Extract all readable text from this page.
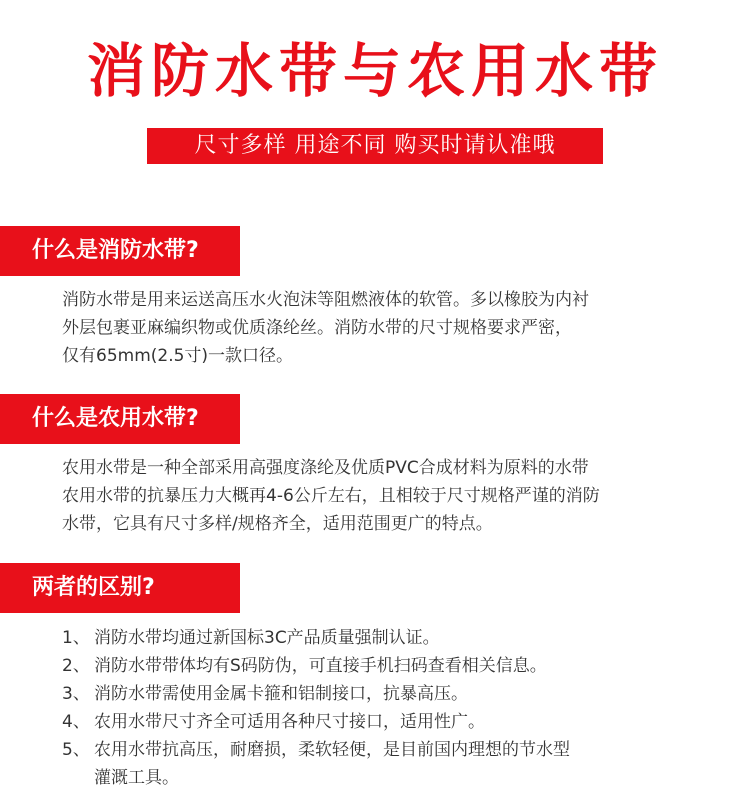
消防水带与农用水带
尺寸多样 用途不同 购买时请认准哦
什么是消防水带?
消防水带是用来运送高压水火泡沫等阻燃液体的软管。多以橡胶为内衬
外层包裹亚麻编织物或优质涤纶丝。消防水带的尺寸规格要求严密，
仅有65mm(2.5寸)一款口径。
什么是农用水带?
农用水带是一种全部采用高强度涤纶及优质PVC合成材料为原料的水带
农用水带的抗暴压力大概再4-6公斤左右，且相较于尺寸规格严谨的消防
水带，它具有尺寸多样/规格齐全，适用范围更广的特点。
两者的区别?
1、 消防水带均通过新国标3C产品质量强制认证。
2、 消防水带带体均有S码防伪，可直接手机扫码查看相关信息。
3、 消防水带需使用金属卡箍和铝制接口，抗暴高压。
4、 农用水带尺寸齐全可适用各种尺寸接口，适用性广。
5、 农用水带抗高压，耐磨损，柔软轻便，是目前国内理想的节水型
灌溉工具。
